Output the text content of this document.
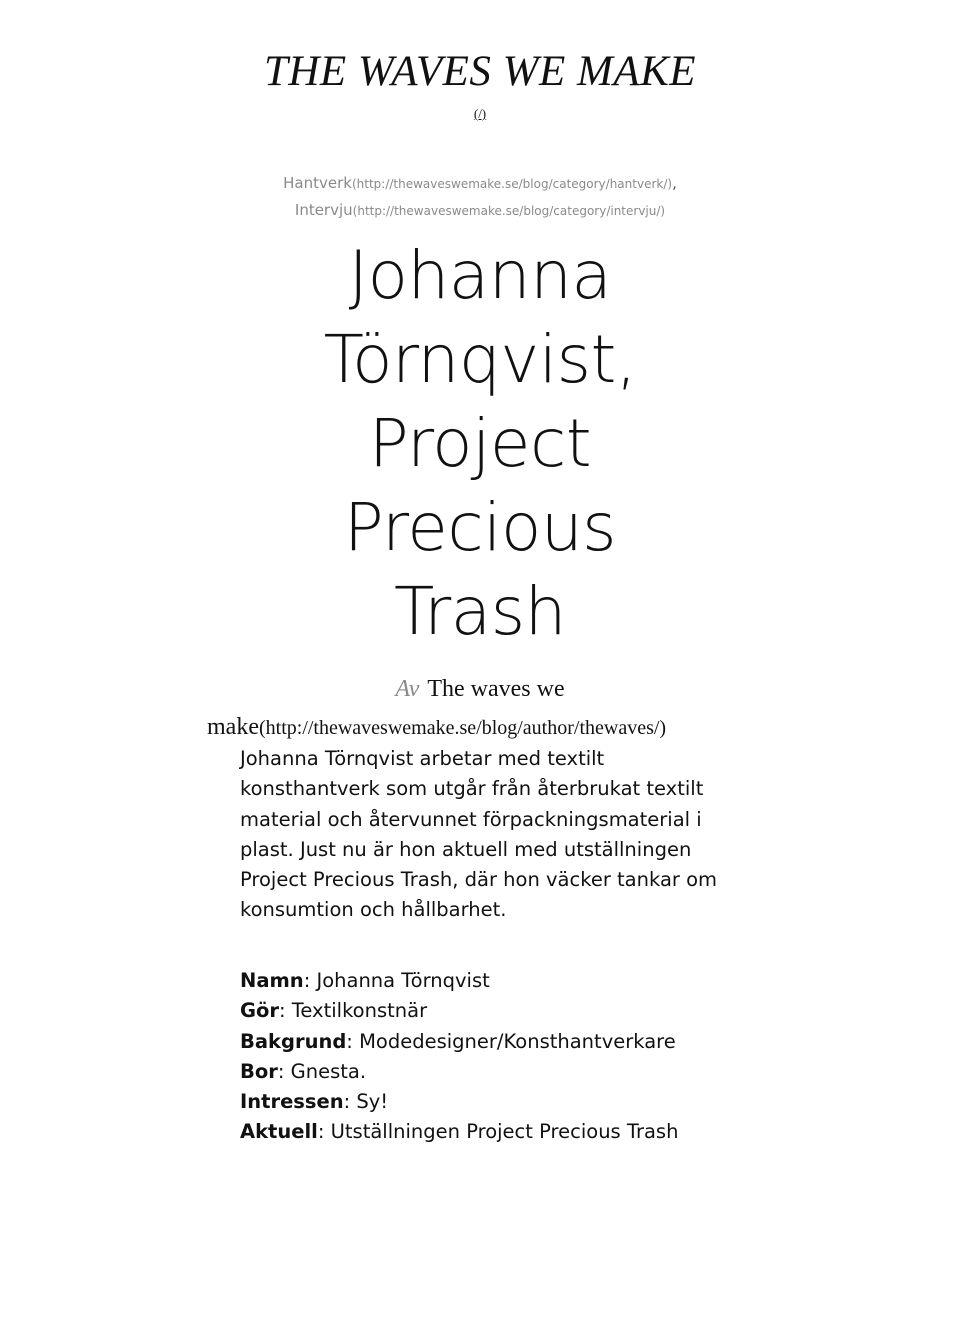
THE WAVES WE MAKE
(/)
Hantverk(http://thewaveswemake.se/blog/category/hantverk/),
Intervju(http://thewaveswemake.se/blog/category/intervju/)
Johanna
Törnqvist,
Project
Precious
Trash
Av The waves we
make(http://thewaveswemake.se/blog/author/thewaves/)
Johanna Törnqvist arbetar med textilt
konsthantverk som utgår från återbrukat textilt
material och återvunnet förpackningsmaterial i
plast. Just nu är hon aktuell med utställningen
Project Precious Trash, där hon väcker tankar om
konsumtion och hållbarhet.
Namn: Johanna Törnqvist
Gör: Textilkonstnär
Bakgrund: Modedesigner/Konsthantverkare
Bor: Gnesta.
Intressen: Sy!
Aktuell: Utställningen Project Precious Trash
